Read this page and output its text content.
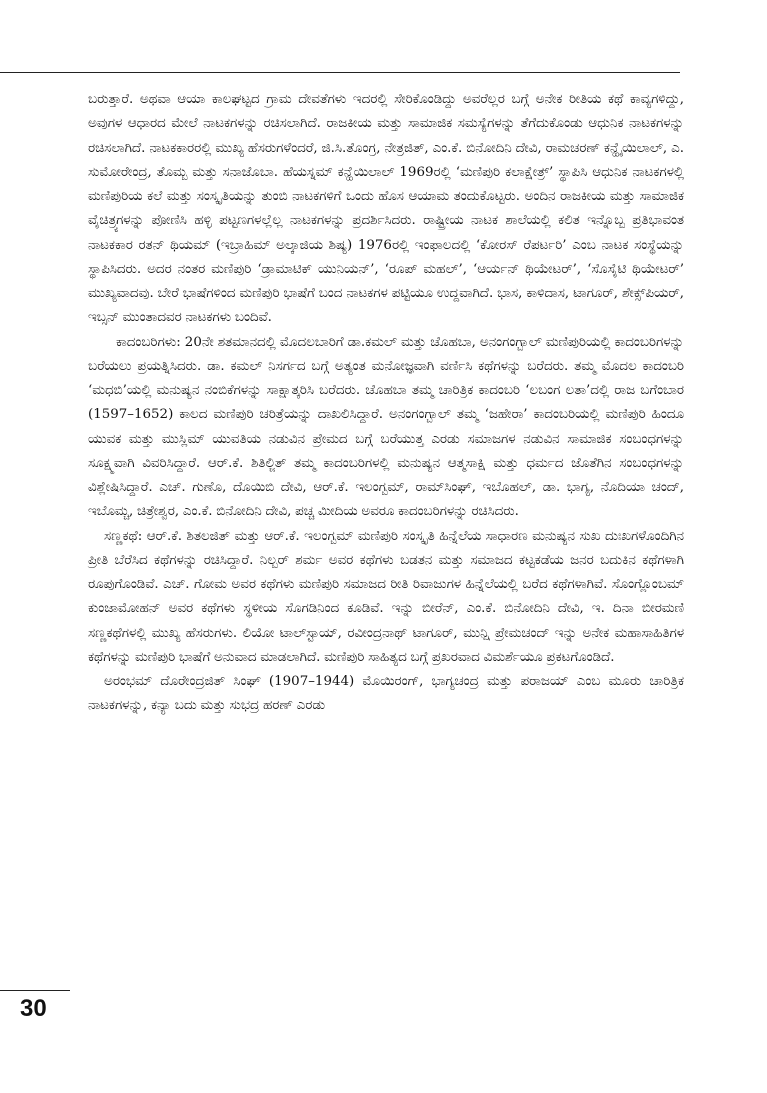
ಬರುತ್ತಾರೆ. ಅಥವಾ ಆಯಾ ಕಾಲಘಟ್ಟದ ಗ್ರಾಮ ದೇವತೆಗಳು ಇದರಲ್ಲಿ ಸೇರಿಕೊಂಡಿದ್ದು ಅವರೆಲ್ಲರ ಬಗ್ಗೆ ಅನೇಕ ರೀತಿಯ ಕಥೆ ಕಾವ್ಯಗಳಿದ್ದು, ಅವುಗಳ ಆಧಾರದ ಮೇಲೆ ನಾಟಕಗಳನ್ನು ರಚಿಸಲಾಗಿದೆ. ರಾಜಕೀಯ ಮತ್ತು ಸಾಮಾಜಿಕ ಸಮಸ್ಯೆಗಳನ್ನು ತೆಗೆದುಕೊಂಡು ಆಧುನಿಕ ನಾಟಕಗಳನ್ನು ರಚಿಸಲಾಗಿದೆ. ನಾಟಕಕಾರರಲ್ಲಿ ಮುಖ್ಯ ಹೆಸರುಗಳೆಂದರೆ, ಜಿ.ಸಿ.ತೊಂಗ್ರ, ನೇತ್ರಜಿತ್, ಎಂ.ಕೆ. ಬಿನೋದಿನಿ ದೇವಿ, ರಾಮಚರಣ್ ಕನ್ಹೈಯಿಲಾಲ್, ಎ. ಸುಮೋರೇಂದ್ರ, ತೊಮ್ಬ ಮತ್ತು ಸನಾಜೊಬಾ. ಹೆಯಸ್ನಮ್ ಕನ್ಹೆಯಿಲಾಲ್ 1969ರಲ್ಲಿ ‘ಮಣಿಪುರಿ ಕಲಾಕ್ಷೇತ್ರ್’ ಸ್ಥಾಪಿಸಿ ಆಧುನಿಕ ನಾಟಕಗಳಲ್ಲಿ ಮಣಿಪುರಿಯ ಕಲೆ ಮತ್ತು ಸಂಸ್ಕೃತಿಯನ್ನು ತುಂಬಿ ನಾಟಕಗಳಿಗೆ ಒಂದು ಹೊಸ ಆಯಾಮ ತಂದುಕೊಟ್ಟರು. ಅಂದಿನ ರಾಜಕೀಯ ಮತ್ತು ಸಾಮಾಜಿಕ ವೈಚಿತ್ರ್ಯಗಳನ್ನು ಪೋಣಿಸಿ ಹಳ್ಳಿ ಪಟ್ಟಣಗಳಲ್ಲೆಲ್ಲ ನಾಟಕಗಳನ್ನು ಪ್ರದರ್ಶಿಸಿದರು. ರಾಷ್ಟ್ರೀಯ ನಾಟಕ ಶಾಲೆಯಲ್ಲಿ ಕಲಿತ ಇನ್ನೊಬ್ಬ ಪ್ರತಿಭಾವಂತ ನಾಟಕಕಾರ ರತನ್ ಥಿಯಮ್ (ಇಬ್ರಾಹಿಮ್ ಅಲ್ಕಾಜಿಯ ಶಿಷ್ಯ) 1976ರಲ್ಲಿ ಇಂಫಾಲದಲ್ಲಿ ‘ಕೋರಸ್ ರೆಪರ್ಟರಿ’ ಎಂಬ ನಾಟಕ ಸಂಸ್ಥೆಯನ್ನು ಸ್ಥಾಪಿಸಿದರು. ಅದರ ನಂತರ ಮಣಿಪುರಿ ‘ಡ್ರಾಮಾಟಿಕ್ ಯುನಿಯನ್’, ‘ರೂಪ್ ಮಹಲ್’, ‘ಆರ್ಯನ್ ಥಿಯೇಟರ್’, ‘ಸೊಸೈಟಿ ಥಿಯೇಟರ್’ ಮುಖ್ಯವಾದವು. ಬೇರೆ ಭಾಷೆಗಳಿಂದ ಮಣಿಪುರಿ ಭಾಷೆಗೆ ಬಂದ ನಾಟಕಗಳ ಪಟ್ಟಿಯೂ ಉದ್ದವಾಗಿದೆ. ಭಾಸ, ಕಾಳಿದಾಸ, ಟಾಗೂರ್, ಶೇಕ್ಸ್‌ಪಿಯರ್, ಇಬ್ಸನ್ ಮುಂತಾದವರ ನಾಟಕಗಳು ಬಂದಿವೆ.

ಕಾದಂಬರಿಗಳು: 20ನೇ ಶತಮಾನದಲ್ಲಿ ಮೊದಲಬಾರಿಗೆ ಡಾ.ಕಮಲ್ ಮತ್ತು ಚೊಹಬಾ, ಅನಂಗಂಗ್ಬಾಲ್ ಮಣಿಪುರಿಯಲ್ಲಿ ಕಾದಂಬರಿಗಳನ್ನು ಬರೆಯಲು ಪ್ರಯತ್ನಿಸಿದರು. ಡಾ. ಕಮಲ್ ನಿಸರ್ಗದ ಬಗ್ಗೆ ಅತ್ಯಂತ ಮನೋಜ್ಞವಾಗಿ ವರ್ಣಿಸಿ ಕಥೆಗಳನ್ನು ಬರೆದರು. ತಮ್ಮ ಮೊದಲ ಕಾದಂಬರಿ ‘ಮಧಬಿ’ಯಲ್ಲಿ ಮನುಷ್ಯನ ನಂಬಿಕೆಗಳನ್ನು ಸಾಕ್ಷಾತ್ಕರಿಸಿ ಬರೆದರು. ಚೊಹಬಾ ತಮ್ಮ ಚಾರಿತ್ರಿಕ ಕಾದಂಬರಿ ‘ಲಬಂಗ ಲತಾ’ದಲ್ಲಿ ರಾಜ ಬಗೆಂಬಾರ (1597–1652) ಕಾಲದ ಮಣಿಪುರಿ ಚರಿತ್ರೆಯನ್ನು ದಾಖಲಿಸಿದ್ದಾರೆ. ಅನಂಗಂಗ್ಬಾಲ್ ತಮ್ಮ ‘ಜಹೇರಾ’ ಕಾದಂಬರಿಯಲ್ಲಿ ಮಣಿಪುರಿ ಹಿಂದೂ ಯುವಕ ಮತ್ತು ಮುಸ್ಲಿಮ್ ಯುವತಿಯ ನಡುವಿನ ಪ್ರೇಮದ ಬಗ್ಗೆ ಬರೆಯುತ್ತ ಎರಡು ಸಮಾಜಗಳ ನಡುವಿನ ಸಾಮಾಜಿಕ ಸಂಬಂಧಗಳನ್ನು ಸೂಕ್ಷ್ಮವಾಗಿ ವಿವರಿಸಿದ್ದಾರೆ. ಆರ್.ಕೆ. ಶಿತಿಲ್ಜಿತ್ ತಮ್ಮ ಕಾದಂಬರಿಗಳಲ್ಲಿ ಮನುಷ್ಯನ ಆತ್ಮಸಾಕ್ಷಿ ಮತ್ತು ಧರ್ಮದ ಜೊತೆಗಿನ ಸಂಬಂಧಗಳನ್ನು ವಿಶ್ಲೇಷಿಸಿದ್ದಾರೆ. ಎಚ್. ಗುಣೊ, ದೊಯಿಬಿ ದೇವಿ, ಆರ್.ಕೆ. ಇಲಂಗ್ಬಮ್, ರಾಮ್‌ಸಿಂಘ್, ಇಬೊಹಲ್, ಡಾ. ಭಾಗ್ಯ, ನೊದಿಯಾ ಚಂದ್, ಇಬೊಮ್ಚ, ಚಿತ್ರೇಶ್ವರ, ಎಂ.ಕೆ. ಬಿನೋದಿನಿ ದೇವಿ, ಪಚ್ಚ ಮೀದಿಯ ಅವರೂ ಕಾದಂಬರಿಗಳನ್ನು ರಚಿಸಿದರು.

ಸಣ್ಣಕಥೆ: ಆರ್.ಕೆ. ಶಿತಲಜಿತ್ ಮತ್ತು ಆರ್.ಕೆ. ಇಲಂಗ್ಬಮ್ ಮಣಿಪುರಿ ಸಂಸ್ಕೃತಿ ಹಿನ್ನೆಲೆಯ ಸಾಧಾರಣ ಮನುಷ್ಯನ ಸುಖ ದುಃಖಗಳೊಂದಿಗಿನ ಪ್ರೀತಿ ಬೆರೆಸಿದ ಕಥೆಗಳನ್ನು ರಚಿಸಿದ್ದಾರೆ. ನಿಲ್ಬರ್ ಶರ್ಮ ಅವರ ಕಥೆಗಳು ಬಡತನ ಮತ್ತು ಸಮಾಜದ ಕಟ್ಟಕಡೆಯ ಜನರ ಬದುಕಿನ ಕಥೆಗಳಾಗಿ ರೂಪುಗೊಂಡಿವೆ. ಎಚ್. ಗೋಮ ಅವರ ಕಥೆಗಳು ಮಣಿಪುರಿ ಸಮಾಜದ ರೀತಿ ರಿವಾಜುಗಳ ಹಿನ್ನೆಲೆಯಲ್ಲಿ ಬರೆದ ಕಥೆಗಳಾಗಿವೆ. ಸೊಂಗ್ಲೊಂಬಮ್ ಕುಂಜಾಮೋಹನ್ ಅವರ ಕಥೆಗಳು ಸ್ಥಳೀಯ ಸೊಗಡಿನಿಂದ ಕೂಡಿವೆ. ಇನ್ನು ಬೀರೆನ್, ಎಂ.ಕೆ. ಬಿನೋದಿನಿ ದೇವಿ, ಇ. ದಿನಾ ಬೀರಮಣಿ ಸಣ್ಣಕಥೆಗಳಲ್ಲಿ ಮುಖ್ಯ ಹೆಸರುಗಳು. ಲಿಯೋ ಟಾಲ್‌ಸ್ಟಾಯ್, ರವೀಂದ್ರನಾಥ್ ಟಾಗೂರ್, ಮುನ್ಷಿ ಪ್ರೇಮಚಂದ್ ಇನ್ನು ಅನೇಕ ಮಹಾಸಾಹಿತಿಗಳ ಕಥೆಗಳನ್ನು ಮಣಿಪುರಿ ಭಾಷೆಗೆ ಅನುವಾದ ಮಾಡಲಾಗಿದೆ. ಮಣಿಪುರಿ ಸಾಹಿತ್ಯದ ಬಗ್ಗೆ ಪ್ರಖರವಾದ ವಿಮರ್ಶೆಯೂ ಪ್ರಕಟಗೊಂಡಿದೆ.

ಅರಂಭಮ್ ದೊರೇಂದ್ರಜಿತ್ ಸಿಂಘ್ (1907–1944) ಮೊಯಿರಂಗ್, ಭಾಗ್ಯಚಂದ್ರ ಮತ್ತು ಪರಾಜಯ್ ಎಂಬ ಮೂರು ಚಾರಿತ್ರಿಕ ನಾಟಕಗಳನ್ನು, ಕನ್ಯಾ ಬದು ಮತ್ತು ಸುಭದ್ರ ಹರಣ್ ಎರಡು

30
